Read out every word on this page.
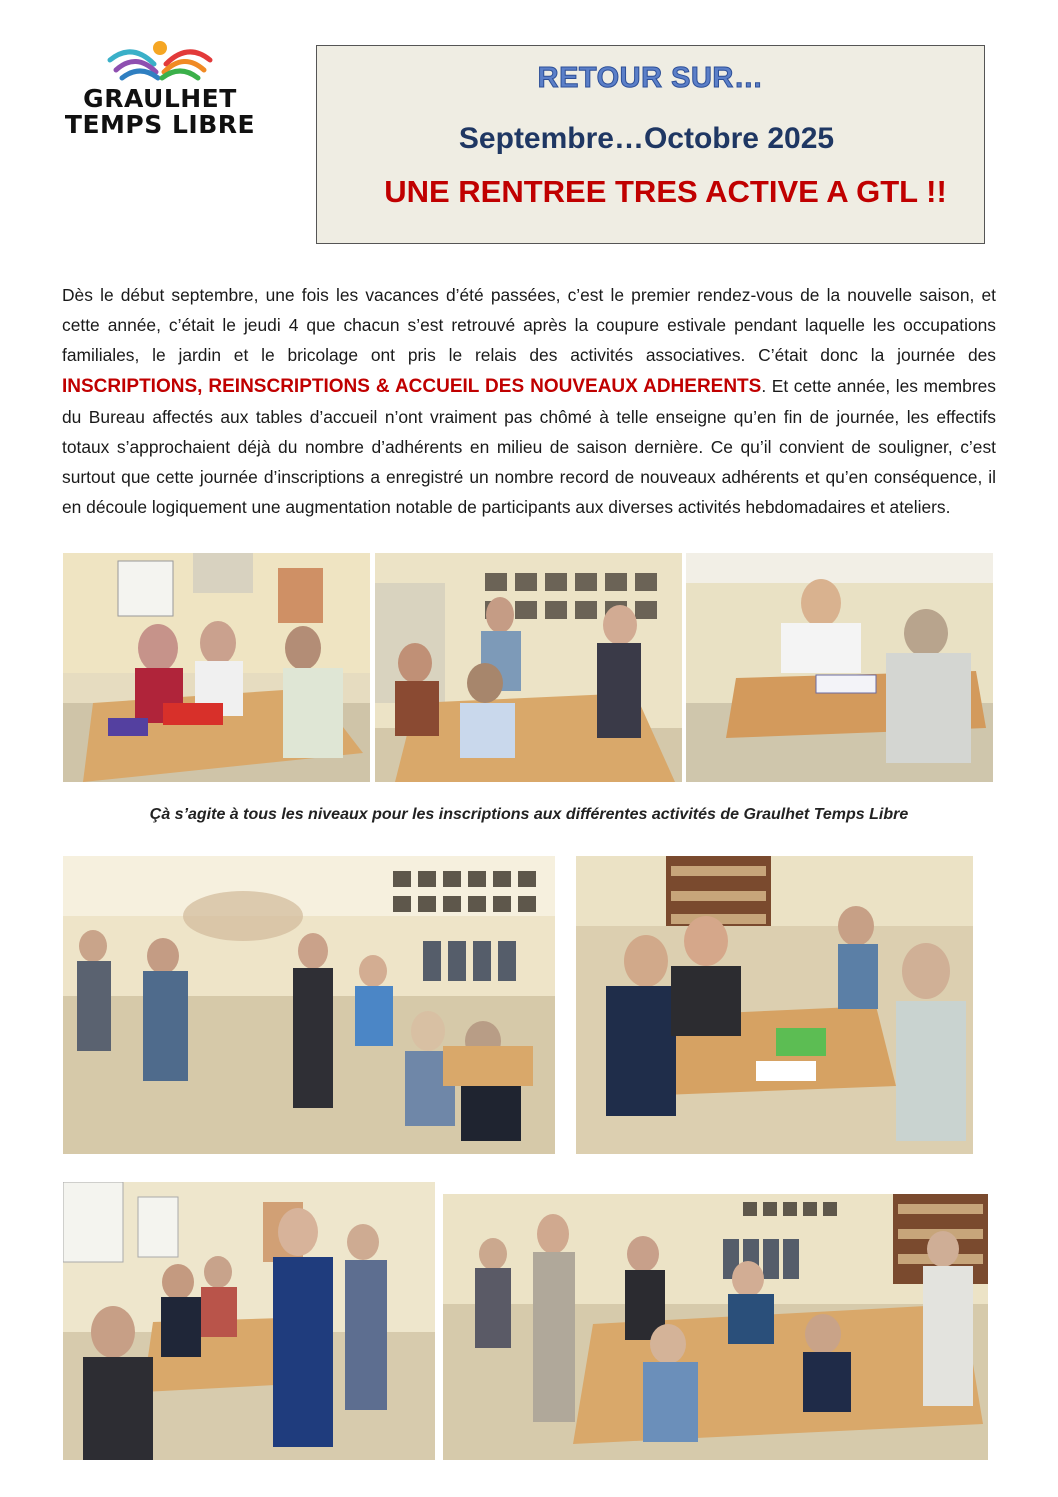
GRAULHET
TEMPS LIBRE
RETOUR SUR…
Septembre…Octobre 2025
UNE RENTREE TRES ACTIVE A GTL !!
Dès le début septembre, une fois les vacances d’été passées, c’est le premier rendez-vous de la nouvelle saison, et cette année, c’était le jeudi 4 que chacun s’est retrouvé après la coupure estivale pendant laquelle les occupations familiales, le jardin et le bricolage ont pris le relais des activités associatives. C’était donc la journée des INSCRIPTIONS, REINSCRIPTIONS & ACCUEIL DES NOUVEAUX ADHERENTS. Et cette année, les membres du Bureau affectés aux tables d’accueil n’ont vraiment pas chômé à telle enseigne qu’en fin de journée, les effectifs totaux s’approchaient déjà du nombre d’adhérents en milieu de saison dernière. Ce qu’il convient de souligner, c’est surtout que cette journée d’inscriptions a enregistré un nombre record de nouveaux adhérents et qu’en conséquence, il en découle logiquement une augmentation notable de participants aux diverses activités hebdomadaires et ateliers.
Çà s’agite à tous les niveaux pour les inscriptions aux différentes activités de Graulhet Temps Libre
